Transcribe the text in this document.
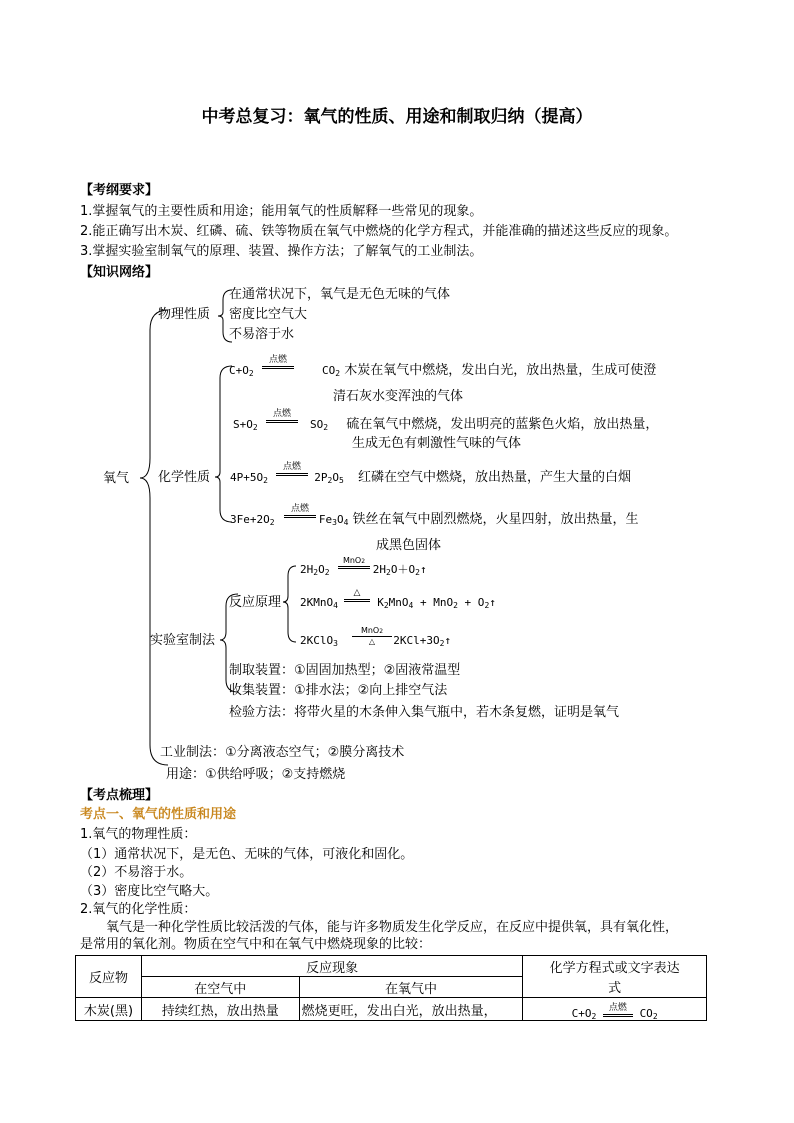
中考总复习：氧气的性质、用途和制取归纳（提高）
【考纲要求】
1.掌握氧气的主要性质和用途；能用氧气的性质解释一些常见的现象。
2.能正确写出木炭、红磷、硫、铁等物质在氧气中燃烧的化学方程式，并能准确的描述这些反应的现象。
3.掌握实验室制氧气的原理、装置、操作方法；了解氧气的工业制法。
【知识网络】
氧气
物理性质
在通常状况下，氧气是无色无味的气体
密度比空气大
不易溶于水
化学性质
$C+O_2$	$CO_2$ 木炭在氧气中燃烧，发出白光，放出热量，生成可使澄
点燃
清石灰水变浑浊的气体
$S+O_2$	$SO_2$ 硫在氧气中燃烧，发出明亮的蓝紫色火焰，放出热量，
点燃
生成无色有刺激性气味的气体
$4P+5O_2$	$2P_2O_5$ 红磷在空气中燃烧，放出热量，产生大量的白烟
点燃
$3Fe+2O_2$	$Fe_3O_4$ 铁丝在氧气中剧烈燃烧，火星四射，放出热量，生
点燃
成黑色固体
实验室制法
反应原理
$2H_2O_2$	$2H_2O+O_2↑$
MnO2
2KMnO$_4$	$K_2MnO_4 + MnO_2$ + $O_2↑$
△
2KClO$_3$	$2KCl+3O_2↑$
MnO2
△
制取装置：①固固加热型；②固液常温型
收集装置：①排水法；②向上排空气法
检验方法：将带火星的木条伸入集气瓶中，若木条复燃，证明是氧气
工业制法：①分离液态空气；②膜分离技术
用途：①供给呼吸；②支持燃烧
【考点梳理】
考点一、氧气的性质和用途
1.氧气的物理性质：
（1）通常状况下，是无色、无味的气体，可液化和固化。
（2）不易溶于水。
（3）密度比空气略大。
2.氧气的化学性质：
氧气是一种化学性质比较活泼的气体，能与许多物质发生化学反应，在反应中提供氧，具有氧化性，
是常用的氧化剂。物质在空气中和在氧气中燃烧现象的比较：
反应物	反应现象		化学方程式或文字表达
	在空气中	在氧气中	式
木炭(黑)	持续红热，放出热量	燃烧更旺，发出白光，放出热量，	$_{C+O_2 点燃 CO_2}$
